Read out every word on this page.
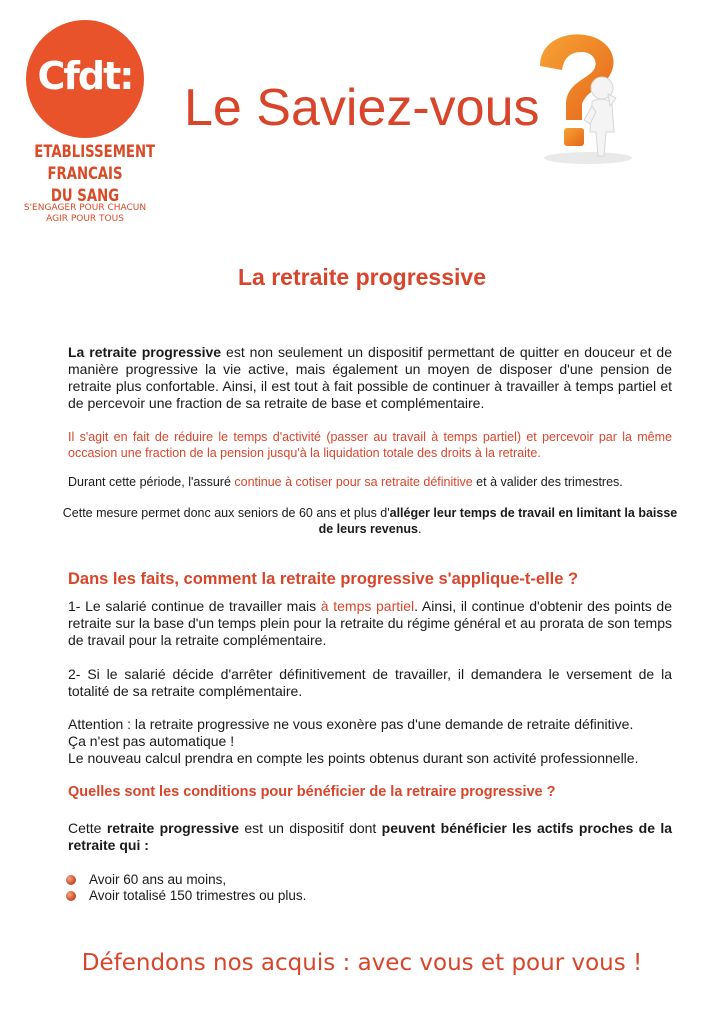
Cfdt:
ETABLISSEMENT
FRANCAIS DU SANG
S'ENGAGER POUR CHACUN
AGIR POUR TOUS
Le Saviez-vous
La retraite progressive

La retraite progressive est non seulement un dispositif permettant de quitter en douceur et de manière progressive la vie active, mais également un moyen de disposer d'une pension de retraite plus confortable. Ainsi, il est tout à fait possible de continuer à travailler à temps partiel et de percevoir une fraction de sa retraite de base et complémentaire.

Il s'agit en fait de réduire le temps d'activité (passer au travail à temps partiel) et percevoir par la même occasion une fraction de la pension jusqu'à la liquidation totale des droits à la retraite.

Durant cette période, l'assuré continue à cotiser pour sa retraite définitive et à valider des trimestres.

Cette mesure permet donc aux seniors de 60 ans et plus d'alléger leur temps de travail en limitant la baisse de leurs revenus.

Dans les faits, comment la retraite progressive s'applique-t-elle ?

1- Le salarié continue de travailler mais à temps partiel. Ainsi, il continue d'obtenir des points de retraite sur la base d'un temps plein pour la retraite du régime général et au prorata de son temps de travail pour la retraite complémentaire.

2- Si le salarié décide d'arrêter définitivement de travailler, il demandera le versement de la totalité de sa retraite complémentaire.

Attention : la retraite progressive ne vous exonère pas d'une demande de retraite définitive.
Ça n'est pas automatique !
Le nouveau calcul prendra en compte les points obtenus durant son activité professionnelle.
Quelles sont les conditions pour bénéficier de la retraire progressive ?

Cette retraite progressive est un dispositif dont peuvent bénéficier les actifs proches de la retraite qui :

Avoir 60 ans au moins,
Avoir totalisé 150 trimestres ou plus.
Défendons nos acquis : avec vous et pour vous !
